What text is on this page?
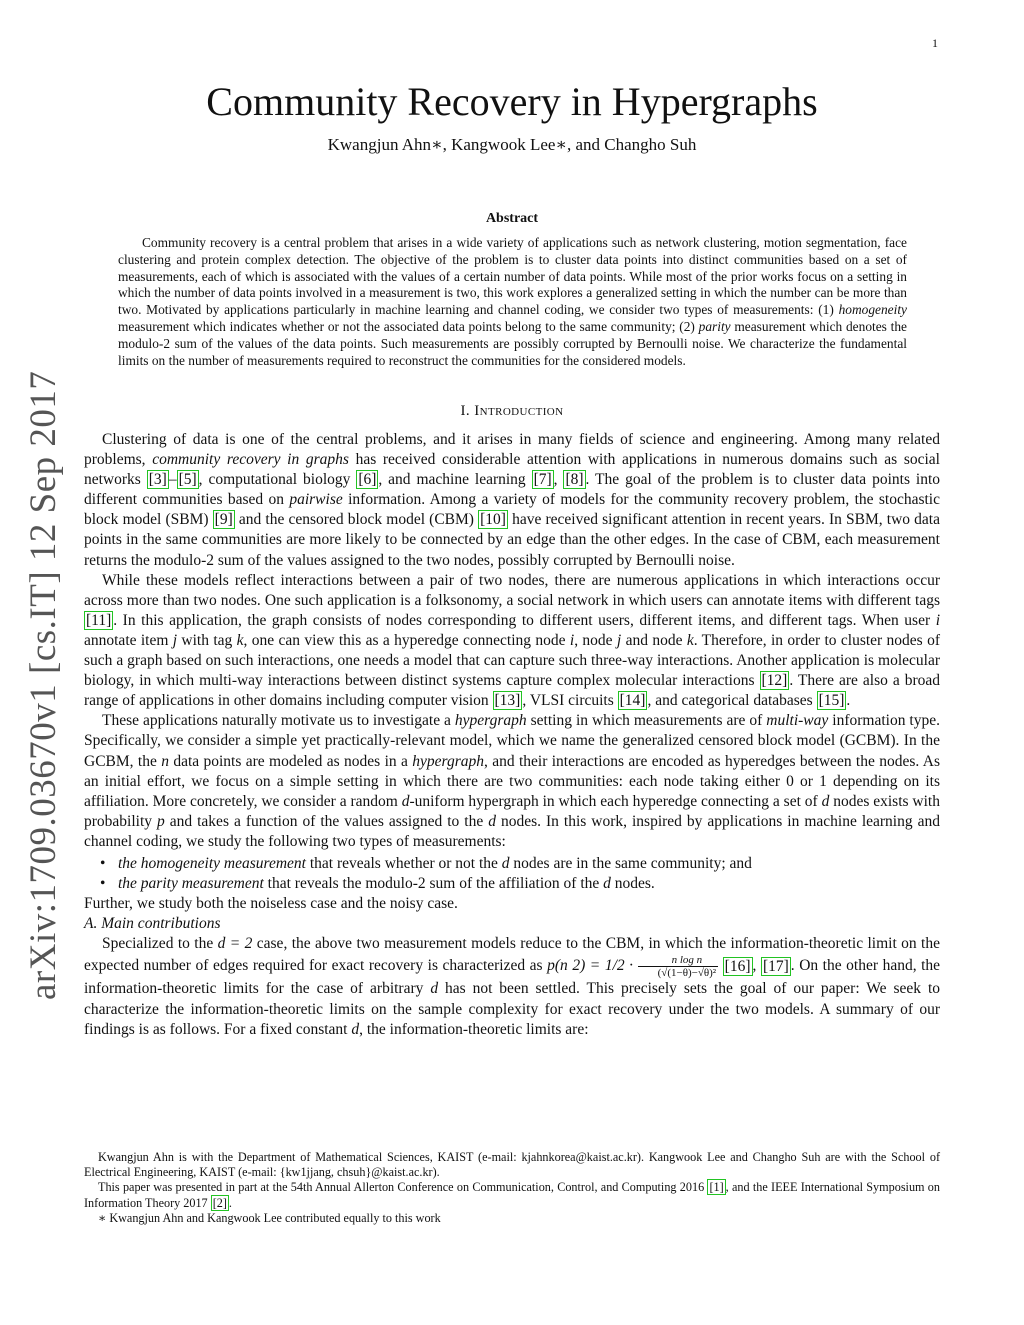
1
arXiv:1709.03670v1 [cs.IT] 12 Sep 2017
Community Recovery in Hypergraphs
Kwangjun Ahn∗, Kangwook Lee∗, and Changho Suh
Abstract

Community recovery is a central problem that arises in a wide variety of applications such as network clustering, motion segmentation, face clustering and protein complex detection. The objective of the problem is to cluster data points into distinct communities based on a set of measurements, each of which is associated with the values of a certain number of data points. While most of the prior works focus on a setting in which the number of data points involved in a measurement is two, this work explores a generalized setting in which the number can be more than two. Motivated by applications particularly in machine learning and channel coding, we consider two types of measurements: (1) homogeneity measurement which indicates whether or not the associated data points belong to the same community; (2) parity measurement which denotes the modulo-2 sum of the values of the data points. Such measurements are possibly corrupted by Bernoulli noise. We characterize the fundamental limits on the number of measurements required to reconstruct the communities for the considered models.

I. Introduction

Clustering of data is one of the central problems, and it arises in many fields of science and engineering. Among many related problems, community recovery in graphs has received considerable attention with applications in numerous domains such as social networks [3] – [5] , computational biology [6] , and machine learning [7] , [8] . The goal of the problem is to cluster data points into different communities based on pairwise information. Among a variety of models for the community recovery problem, the stochastic block model (SBM) [9] and the censored block model (CBM) [10] have received significant attention in recent years. In SBM, two data points in the same communities are more likely to be connected by an edge than the other edges. In the case of CBM, each measurement returns the modulo-2 sum of the values assigned to the two nodes, possibly corrupted by Bernoulli noise.

While these models reflect interactions between a pair of two nodes, there are numerous applications in which interactions occur across more than two nodes. One such application is a folksonomy, a social network in which users can annotate items with different tags [11] . In this application, the graph consists of nodes corresponding to different users, different items, and different tags. When user i annotate item j with tag k, one can view this as a hyperedge connecting node i, node j and node k. Therefore, in order to cluster nodes of such a graph based on such interactions, one needs a model that can capture such three-way interactions. Another application is molecular biology, in which multi-way interactions between distinct systems capture complex molecular interactions [12] . There are also a broad range of applications in other domains including computer vision [13] , VLSI circuits [14] , and categorical databases [15] .

These applications naturally motivate us to investigate a hypergraph setting in which measurements are of multi-way information type. Specifically, we consider a simple yet practically-relevant model, which we name the generalized censored block model (GCBM). In the GCBM, the n data points are modeled as nodes in a hypergraph, and their interactions are encoded as hyperedges between the nodes. As an initial effort, we focus on a simple setting in which there are two communities: each node taking either 0 or 1 depending on its affiliation. More concretely, we consider a random d-uniform hypergraph in which each hyperedge connecting a set of d nodes exists with probability p and takes a function of the values assigned to the d nodes. In this work, inspired by applications in machine learning and channel coding, we study the following two types of measurements:

• the homogeneity measurement that reveals whether or not the d nodes are in the same community; and
• the parity measurement that reveals the modulo-2 sum of the affiliation of the d nodes.

Further, we study both the noiseless case and the noisy case.

A. Main contributions

Specialized to the d = 2 case, the above two measurement models reduce to the CBM, in which the information-theoretic limit on the expected number of edges required for exact recovery is characterized as p(n $2) = 1/2 \cdot \frac{\text{n log n}}{\text{(√(1−θ)−√θ)²}} [16]$ , [17] . On the other hand, the information-theoretic limits for the case of arbitrary d has not been settled. This precisely sets the goal of our paper: We seek to characterize the information-theoretic limits on the sample complexity for exact recovery under the two models. A summary of our findings is as follows. For a fixed constant d, the information-theoretic limits are:

Kwangjun Ahn is with the Department of Mathematical Sciences, KAIST (e-mail: kjahnkorea@kaist.ac.kr). Kangwook Lee and Changho Suh are with the School of Electrical Engineering, KAIST (e-mail: {kw1jjang, chsuh}@kaist.ac.kr).

This paper was presented in part at the 54th Annual Allerton Conference on Communication, Control, and Computing 2016 [1] , and the IEEE International Symposium on Information Theory 2017 [2] .

∗ Kwangjun Ahn and Kangwook Lee contributed equally to this work
